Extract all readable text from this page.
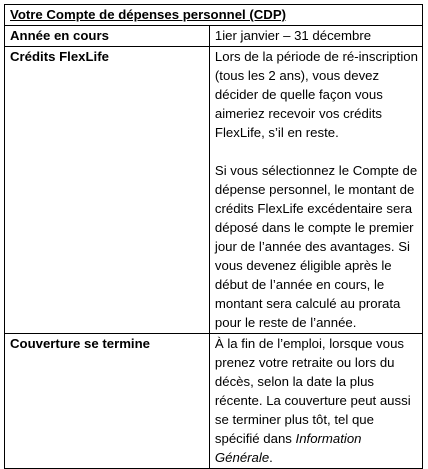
Votre Compte de dépenses personnel (CDP)	
Année en cours	1ier janvier – 31 décembre
Crédits FlexLife	Lors de la période de ré-inscription (tous les 2 ans), vous devez décider de quelle façon vous aimeriez recevoir vos crédits FlexLife, s’il en reste.
Si vous sélectionnez le Compte de dépense personnel, le montant de crédits FlexLife excédentaire sera déposé dans le compte le premier jour de l’année des avantages. Si vous devenez éligible après le début de l’année en cours, le montant sera calculé au prorata pour le reste de l’année.

Couverture se termine	À la fin de l’emploi, lorsque vous prenez votre retraite ou lors du décès, selon la date la plus récente. La couverture peut aussi se terminer plus tôt, tel que spécifié dans Information Générale.
